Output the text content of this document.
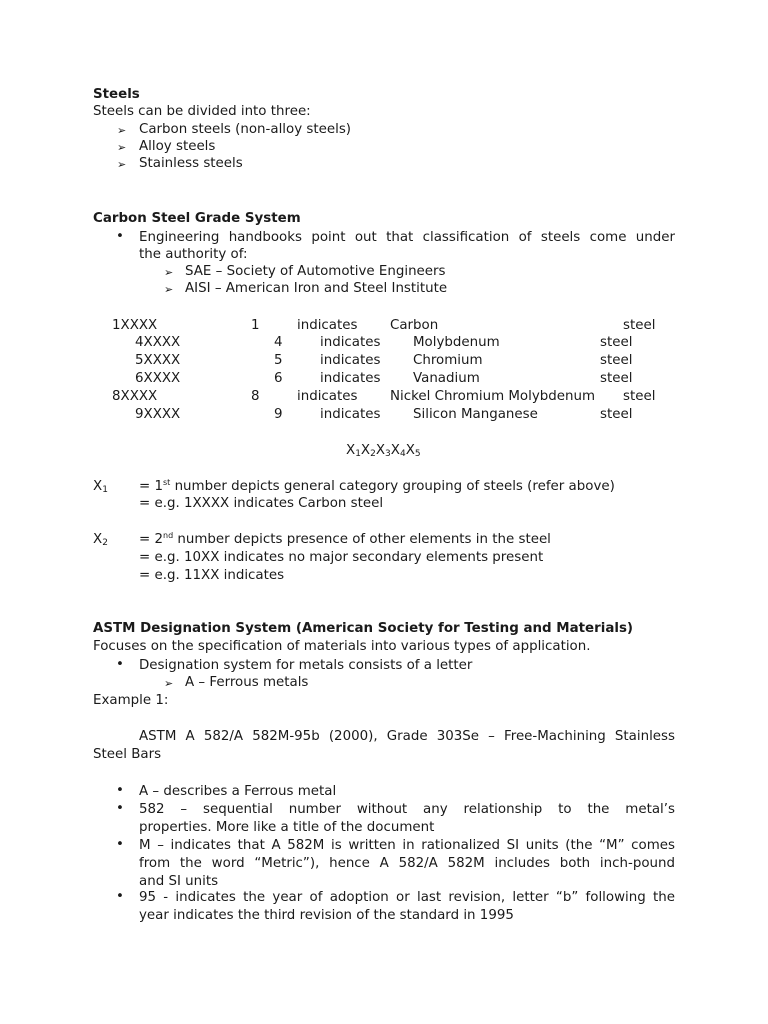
Steels
Steels can be divided into three:
➢ Carbon steels (non-alloy steels)
➢ Alloy steels
➢ Stainless steels
Carbon Steel Grade System
• Engineering handbooks point out that classification of steels come under
the authority of:
➢ SAE – Society of Automotive Engineers
➢ AISI – American Iron and Steel Institute
1XXXX	1	indicates Carbon	steel
4XXXX	4	indicates Molybdenum	steel
5XXXX	5	indicates Chromium	steel
6XXXX	6	indicates Vanadium	steel
8XXXX	8	indicates Nickel Chromium Molybdenum steel
9XXXX	9	indicates Silicon Manganese	steel
$X_1X_2X_3X_4X_5$
$X_1 = 1st$ number depicts general category grouping of steels (refer above)
= e.g. 1XXXX indicates Carbon steel
$X_2 = 2nd$ number depicts presence of other elements in the steel
= e.g. 10XX indicates no major secondary elements present
= e.g. 11XX indicates
ASTM Designation System (American Society for Testing and Materials)
Focuses on the specification of materials into various types of application.
• Designation system for metals consists of a letter
➢ A – Ferrous metals
Example 1:
ASTM A 582/A 582M-95b (2000), Grade 303Se – Free-Machining Stainless
Steel Bars
• A – describes a Ferrous metal
• 582 – sequential number without any relationship to the metal’s
properties. More like a title of the document
• M – indicates that A 582M is written in rationalized SI units (the “M” comes
from the word “Metric”), hence A 582/A 582M includes both inch-pound
and SI units
• 95 - indicates the year of adoption or last revision, letter “b” following the
year indicates the third revision of the standard in 1995
